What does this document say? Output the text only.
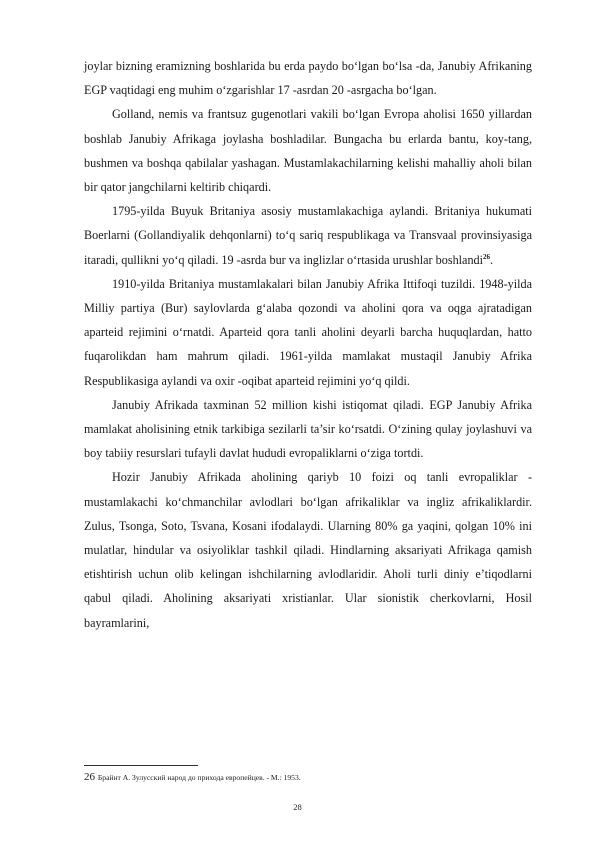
joylar bizning eramizning boshlarida bu erda paydo bo‘lgan bo‘lsa -da, Janubiy Afrikaning EGP vaqtidagi eng muhim o‘zgarishlar 17 -asrdan 20 -asrgacha bo‘lgan.

Golland, nemis va frantsuz gugenotlari vakili bo‘lgan Evropa aholisi 1650 yillardan boshlab Janubiy Afrikaga joylasha boshladilar. Bungacha bu erlarda bantu, koy-tang, bushmen va boshqa qabilalar yashagan. Mustamlakachilarning kelishi mahalliy aholi bilan bir qator jangchilarni keltirib chiqardi.

1795-yilda Buyuk Britaniya asosiy mustamlakachiga aylandi. Britaniya hukumati Boerlarni (Gollandiyalik dehqonlarni) to‘q sariq respublikaga va Transvaal provinsiyasiga itaradi, qullikni yo‘q qiladi. 19 -asrda bur va inglizlar o‘rtasida urushlar boshlandi$^{26}$.

1910-yilda Britaniya mustamlakalari bilan Janubiy Afrika Ittifoqi tuzildi. 1948-yilda Milliy partiya (Bur) saylovlarda g‘alaba qozondi va aholini qora va oqga ajratadigan aparteid rejimini o‘rnatdi. Aparteid qora tanli aholini deyarli barcha huquqlardan, hatto fuqarolikdan ham mahrum qiladi. 1961-yilda mamlakat mustaqil Janubiy Afrika Respublikasiga aylandi va oxir -oqibat aparteid rejimini yo‘q qildi.

Janubiy Afrikada taxminan 52 million kishi istiqomat qiladi. EGP Janubiy Afrika mamlakat aholisining etnik tarkibiga sezilarli ta’sir ko‘rsatdi. O‘zining qulay joylashuvi va boy tabiiy resurslari tufayli davlat hududi evropaliklarni o‘ziga tortdi.

Hozir Janubiy Afrikada aholining qariyb 10 foizi oq tanli evropaliklar - mustamlakachi ko‘chmanchilar avlodlari bo‘lgan afrikaliklar va ingliz afrikaliklardir. Zulus, Tsonga, Soto, Tsvana, Kosani ifodalaydi. Ularning 80% ga yaqini, qolgan 10% ini mulatlar, hindular va osiyoliklar tashkil qiladi. Hindlarning aksariyati Afrikaga qamish etishtirish uchun olib kelingan ishchilarning avlodlaridir. Aholi turli diniy e’tiqodlarni qabul qiladi. Aholining aksariyati xristianlar. Ular sionistik cherkovlarni, Hosil bayramlarini,

26 Брайнт А. Зулусский народ до прихода европейцев. - М.: 1953.
28
